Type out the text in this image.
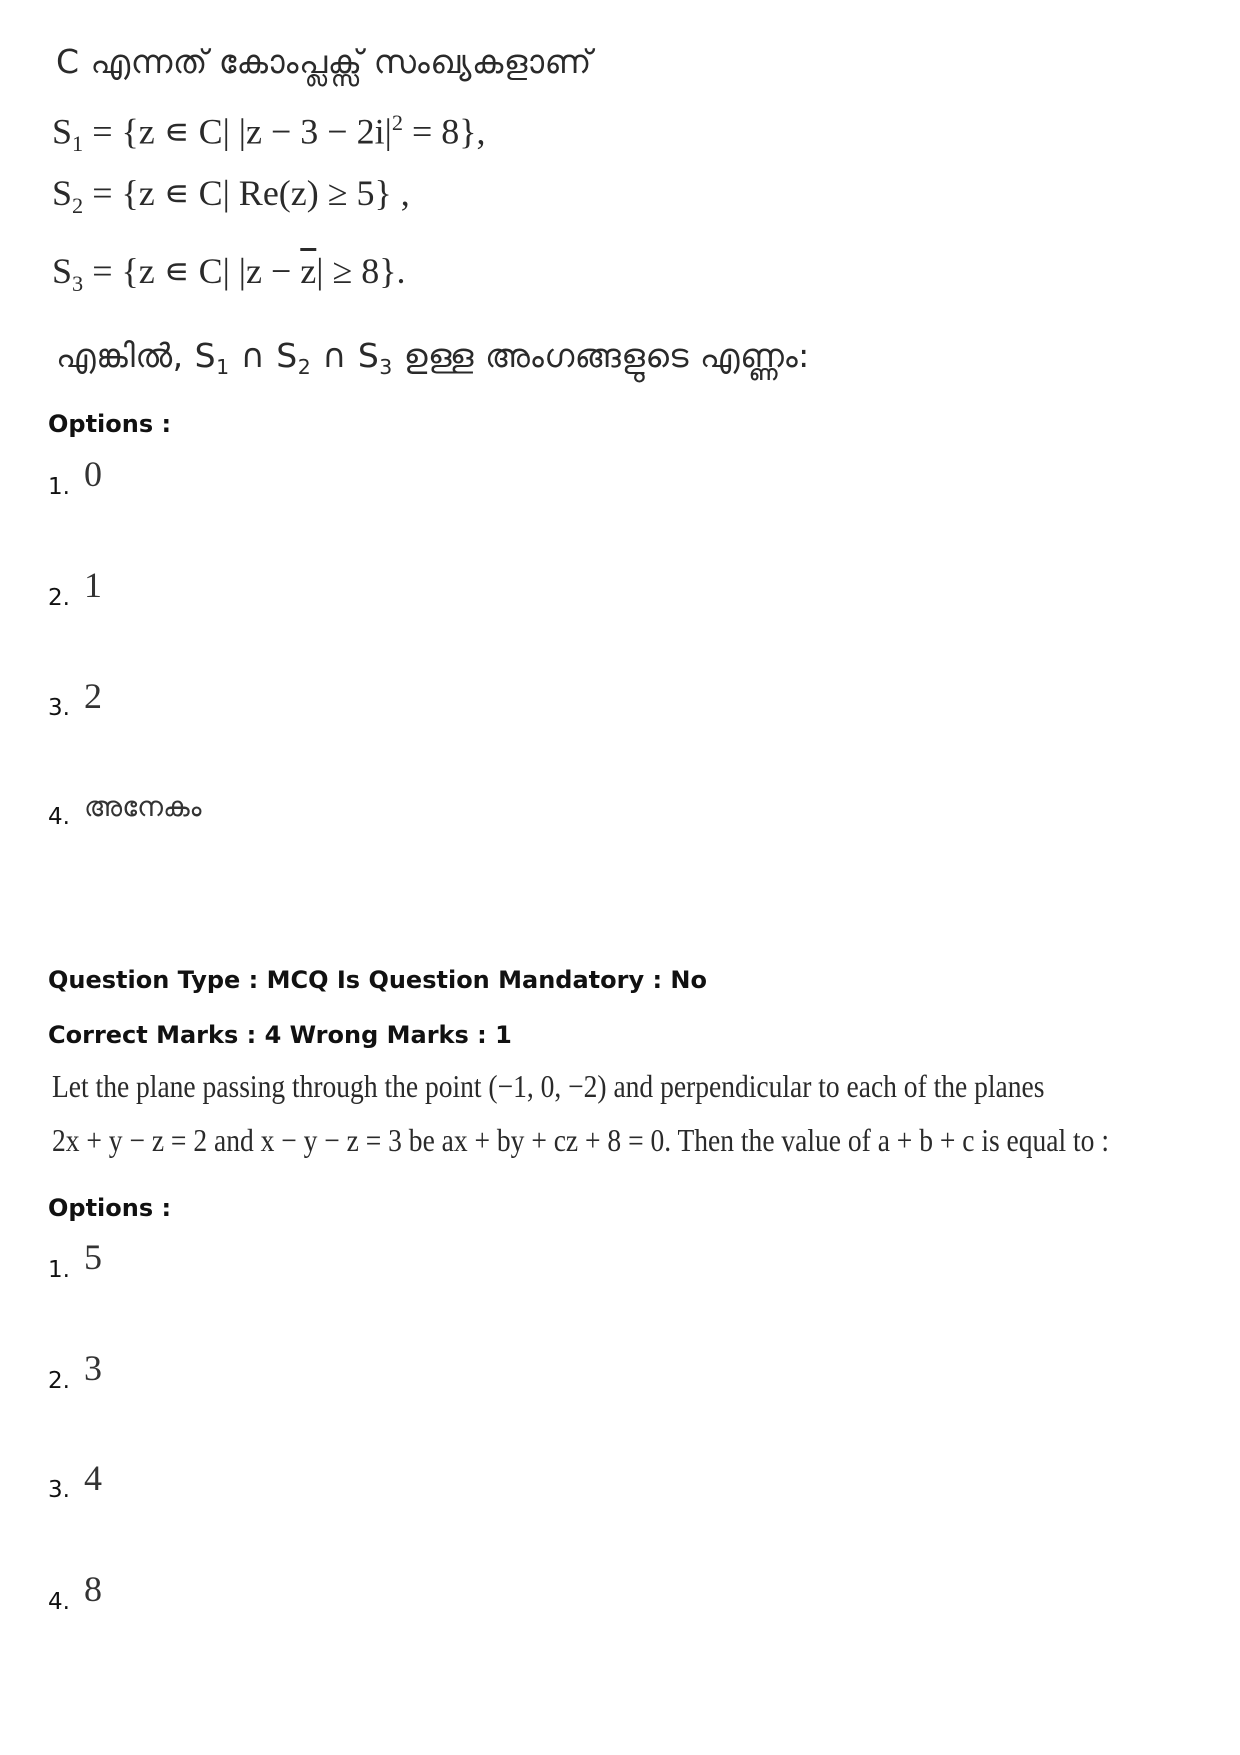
C എന്നത് കോംപ്ലക്സ് സംഖ്യകളാണ്
$S_1 = \{z$ ∊ C| $|z - 3 - 2i|^2 = 8$},
$S_2 = \{z$ ∊ C| Re(z) ≥ 5} ,
$S_3 = \{z$ ∊ C| $|z - \overline{z}| \ge 8$}.
എങ്കിൽ, $S_1$ ∩ $S_2$ ∩ $S_3$ ഉള്ള അംഗങ്ങളുടെ എണ്ണം:
Options :
1. 0
2. 1
3. 2
4. അനേകം
Question Type : MCQ Is Question Mandatory : No
Correct Marks : 4 Wrong Marks : 1
Let the plane passing through the point (−1, 0, −2) and perpendicular to each of the planes
2x + y − z = 2 and x − y − z = 3 be ax + by + cz + 8 = 0. Then the value of a + b + c is equal to :
Options :
1. 5
2. 3
3. 4
4. 8
